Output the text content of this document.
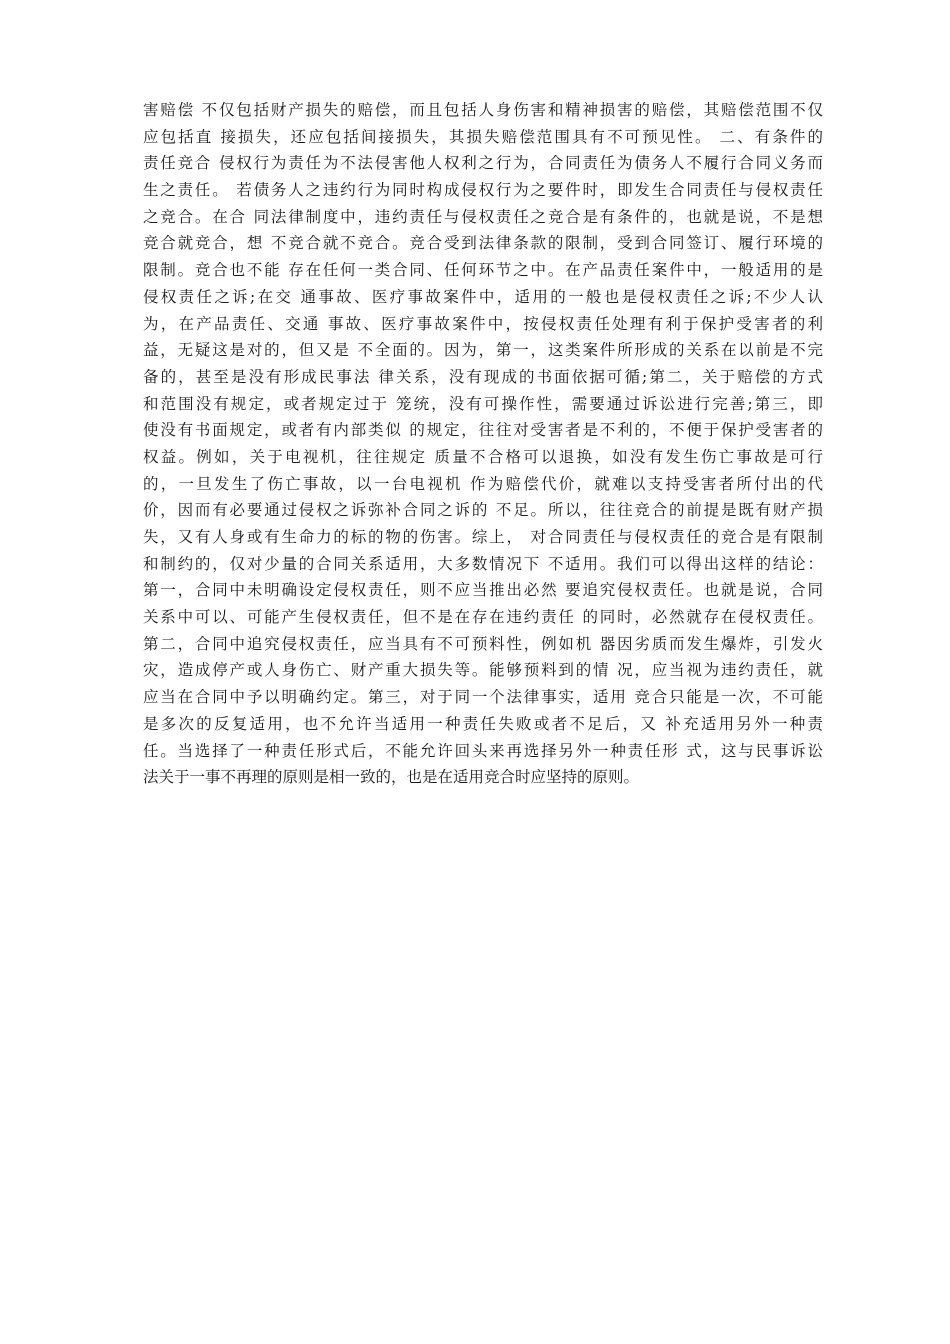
害赔偿 不仅包括财产损失的赔偿，而且包括人身伤害和精神损害的赔偿，其赔偿范围不仅
应包括直 接损失，还应包括间接损失，其损失赔偿范围具有不可预见性。 二、有条件的
责任竞合 侵权行为责任为不法侵害他人权利之行为，合同责任为债务人不履行合同义务而
生之责任。 若债务人之违约行为同时构成侵权行为之要件时，即发生合同责任与侵权责任
之竞合。在合 同法律制度中，违约责任与侵权责任之竞合是有条件的，也就是说，不是想
竞合就竞合，想 不竞合就不竞合。竞合受到法律条款的限制，受到合同签订、履行环境的
限制。竞合也不能 存在任何一类合同、任何环节之中。在产品责任案件中，一般适用的是
侵权责任之诉;在交 通事故、医疗事故案件中，适用的一般也是侵权责任之诉;不少人认
为，在产品责任、交通 事故、医疗事故案件中，按侵权责任处理有利于保护受害者的利
益，无疑这是对的，但又是 不全面的。因为，第一，这类案件所形成的关系在以前是不完
备的，甚至是没有形成民事法 律关系，没有现成的书面依据可循;第二，关于赔偿的方式
和范围没有规定，或者规定过于 笼统，没有可操作性，需要通过诉讼进行完善;第三，即
使没有书面规定，或者有内部类似 的规定，往往对受害者是不利的，不便于保护受害者的
权益。例如，关于电视机，往往规定 质量不合格可以退换，如没有发生伤亡事故是可行
的，一旦发生了伤亡事故，以一台电视机 作为赔偿代价，就难以支持受害者所付出的代
价，因而有必要通过侵权之诉弥补合同之诉的 不足。所以，往往竞合的前提是既有财产损
失，又有人身或有生命力的标的物的伤害。综上， 对合同责任与侵权责任的竞合是有限制
和制约的，仅对少量的合同关系适用，大多数情况下 不适用。我们可以得出这样的结论：
第一，合同中未明确设定侵权责任，则不应当推出必然 要追究侵权责任。也就是说，合同
关系中可以、可能产生侵权责任，但不是在存在违约责任 的同时，必然就存在侵权责任。
第二，合同中追究侵权责任，应当具有不可预料性，例如机 器因劣质而发生爆炸，引发火
灾，造成停产或人身伤亡、财产重大损失等。能够预料到的情 况，应当视为违约责任，就
应当在合同中予以明确约定。第三，对于同一个法律事实，适用 竞合只能是一次，不可能
是多次的反复适用，也不允许当适用一种责任失败或者不足后，又 补充适用另外一种责
任。当选择了一种责任形式后，不能允许回头来再选择另外一种责任形 式，这与民事诉讼
法关于一事不再理的原则是相一致的，也是在适用竞合时应坚持的原则。
